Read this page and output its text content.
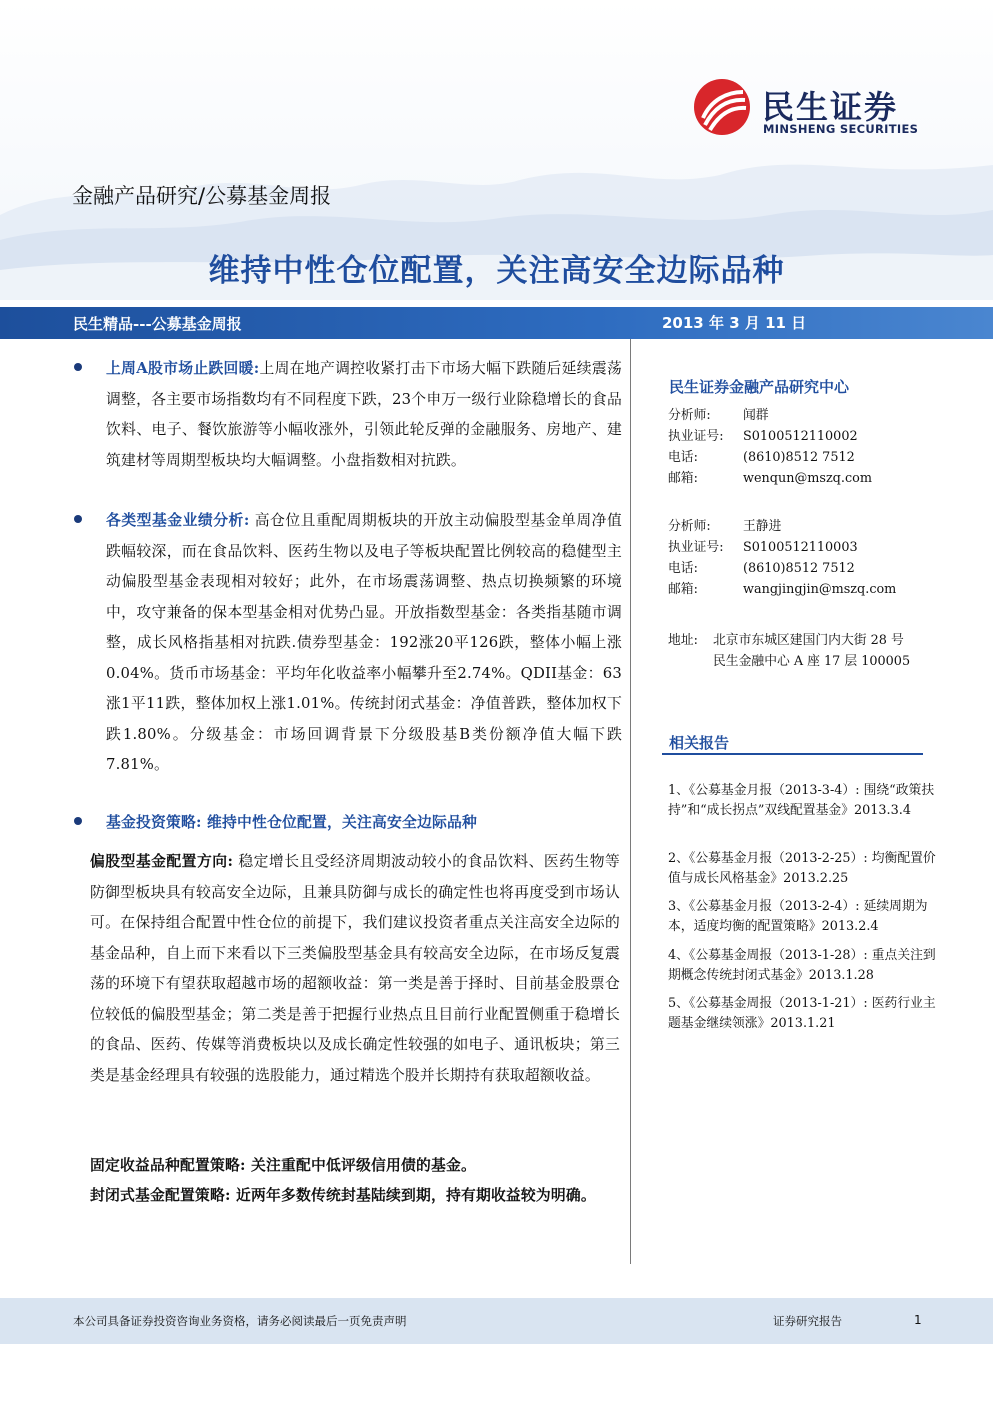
民生证券
MINSHENG SECURITIES
金融产品研究/公募基金周报
维持中性仓位配置，关注高安全边际品种
民生精品---公募基金周报	2013 年 3 月 11 日
上周A股市场止跌回暖:上周在地产调控收紧打击下市场大幅下跌随后延续震荡调整，各主要市场指数均有不同程度下跌，23个申万一级行业除稳增长的食品饮料、电子、餐饮旅游等小幅收涨外，引领此轮反弹的金融服务、房地产、建筑建材等周期型板块均大幅调整。小盘指数相对抗跌。
各类型基金业绩分析: 高仓位且重配周期板块的开放主动偏股型基金单周净值跌幅较深，而在食品饮料、医药生物以及电子等板块配置比例较高的稳健型主动偏股型基金表现相对较好；此外，在市场震荡调整、热点切换频繁的环境中，攻守兼备的保本型基金相对优势凸显。开放指数型基金：各类指基随市调整，成长风格指基相对抗跌.债券型基金：192涨20平126跌，整体小幅上涨0.04%。货币市场基金：平均年化收益率小幅攀升至2.74%。QDII基金：63涨1平11跌，整体加权上涨1.01%。传统封闭式基金：净值普跌，整体加权下跌1.80%。分级基金：市场回调背景下分级股基B类份额净值大幅下跌7.81%。
基金投资策略: 维持中性仓位配置，关注高安全边际品种
偏股型基金配置方向: 稳定增长且受经济周期波动较小的食品饮料、医药生物等防御型板块具有较高安全边际，且兼具防御与成长的确定性也将再度受到市场认可。在保持组合配置中性仓位的前提下，我们建议投资者重点关注高安全边际的基金品种，自上而下来看以下三类偏股型基金具有较高安全边际，在市场反复震荡的环境下有望获取超越市场的超额收益：第一类是善于择时、目前基金股票仓位较低的偏股型基金；第二类是善于把握行业热点且目前行业配置侧重于稳增长的食品、医药、传媒等消费板块以及成长确定性较强的如电子、通讯板块；第三类是基金经理具有较强的选股能力，通过精选个股并长期持有获取超额收益。
固定收益品种配置策略: 关注重配中低评级信用债的基金。
封闭式基金配置策略: 近两年多数传统封基陆续到期，持有期收益较为明确。
民生证券金融产品研究中心
分析师:	闻群
执业证号: S0100512110002
电话:	(8610)8512 7512
邮箱:	wenqun@mszq.com
分析师:	王静进
执业证号: S0100512110003
电话:	(8610)8512 7512
邮箱:	wangjingjin@mszq.com
地址: 北京市东城区建国门内大街 28 号
民生金融中心 A 座 17 层 100005
相关报告
1、《公募基金月报（2013-3-4）: 围绕“政策扶持”和“成长拐点”双线配置基金》2013.3.4
2、《公募基金月报（2013-2-25）: 均衡配置价值与成长风格基金》2013.2.25
3、《公募基金月报（2013-2-4）: 延续周期为本，适度均衡的配置策略》2013.2.4
4、《公募基金周报（2013-1-28）: 重点关注到期概念传统封闭式基金》2013.1.28
5、《公募基金周报（2013-1-21）: 医药行业主题基金继续领涨》2013.1.21
本公司具备证券投资咨询业务资格，请务必阅读最后一页免责声明	证券研究报告	1
